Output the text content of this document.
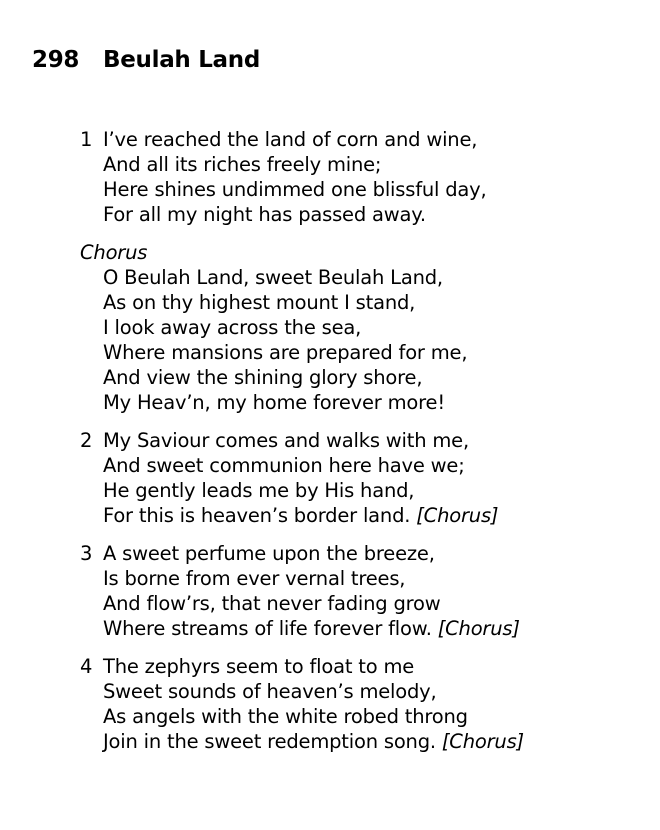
298 Beulah Land
1 I’ve reached the land of corn and wine,
And all its riches freely mine;
Here shines undimmed one blissful day,
For all my night has passed away.
Chorus
O Beulah Land, sweet Beulah Land,
As on thy highest mount I stand,
I look away across the sea,
Where mansions are prepared for me,
And view the shining glory shore,
My Heav’n, my home forever more!
2 My Saviour comes and walks with me,
And sweet communion here have we;
He gently leads me by His hand,
For this is heaven’s border land. [Chorus]
3 A sweet perfume upon the breeze,
Is borne from ever vernal trees,
And flow’rs, that never fading grow
Where streams of life forever flow. [Chorus]
4 The zephyrs seem to float to me
Sweet sounds of heaven’s melody,
As angels with the white robed throng
Join in the sweet redemption song. [Chorus]
